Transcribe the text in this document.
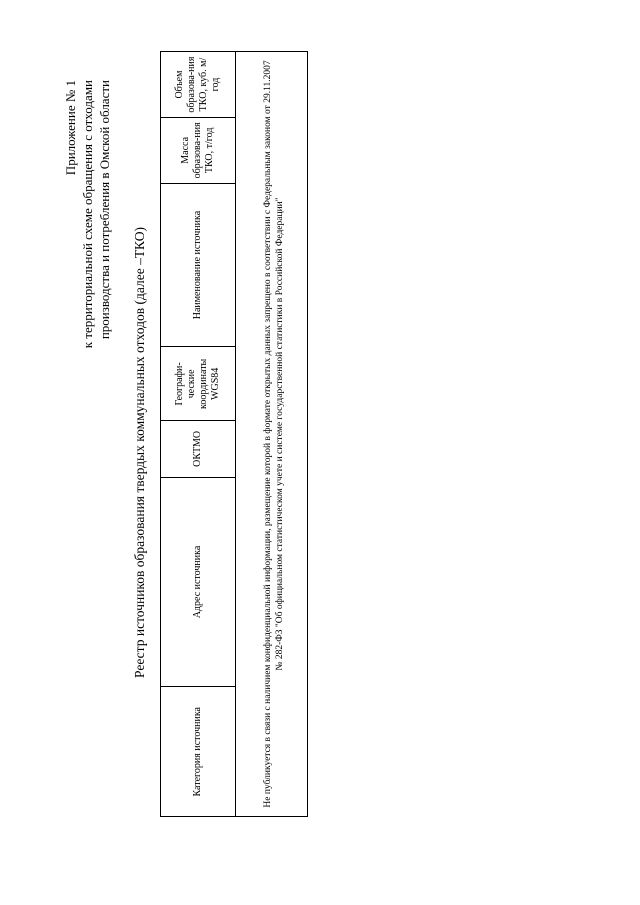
Приложение № 1 к территориальной схеме обращения с отходами производства и потребления в Омской области
Реестр источников образования твердых коммунальных отходов (далее –ТКО)
Категория источника	Адрес источника	ОКТМО	Географи-ческие координаты WGS84	Наименование источника	Масса образова-ния ТКО, т/год	Объем образова-ния ТКО, куб. м/год
Не публикуется в связи с наличием конфиденциальной информации, размещение которой в формате открытых данных запрещено в соответствии с Федеральным законом от 29.11.2007 № 282-ФЗ "Об официальном статистическом учете и системе государственной статистики в Российской Федерации"
